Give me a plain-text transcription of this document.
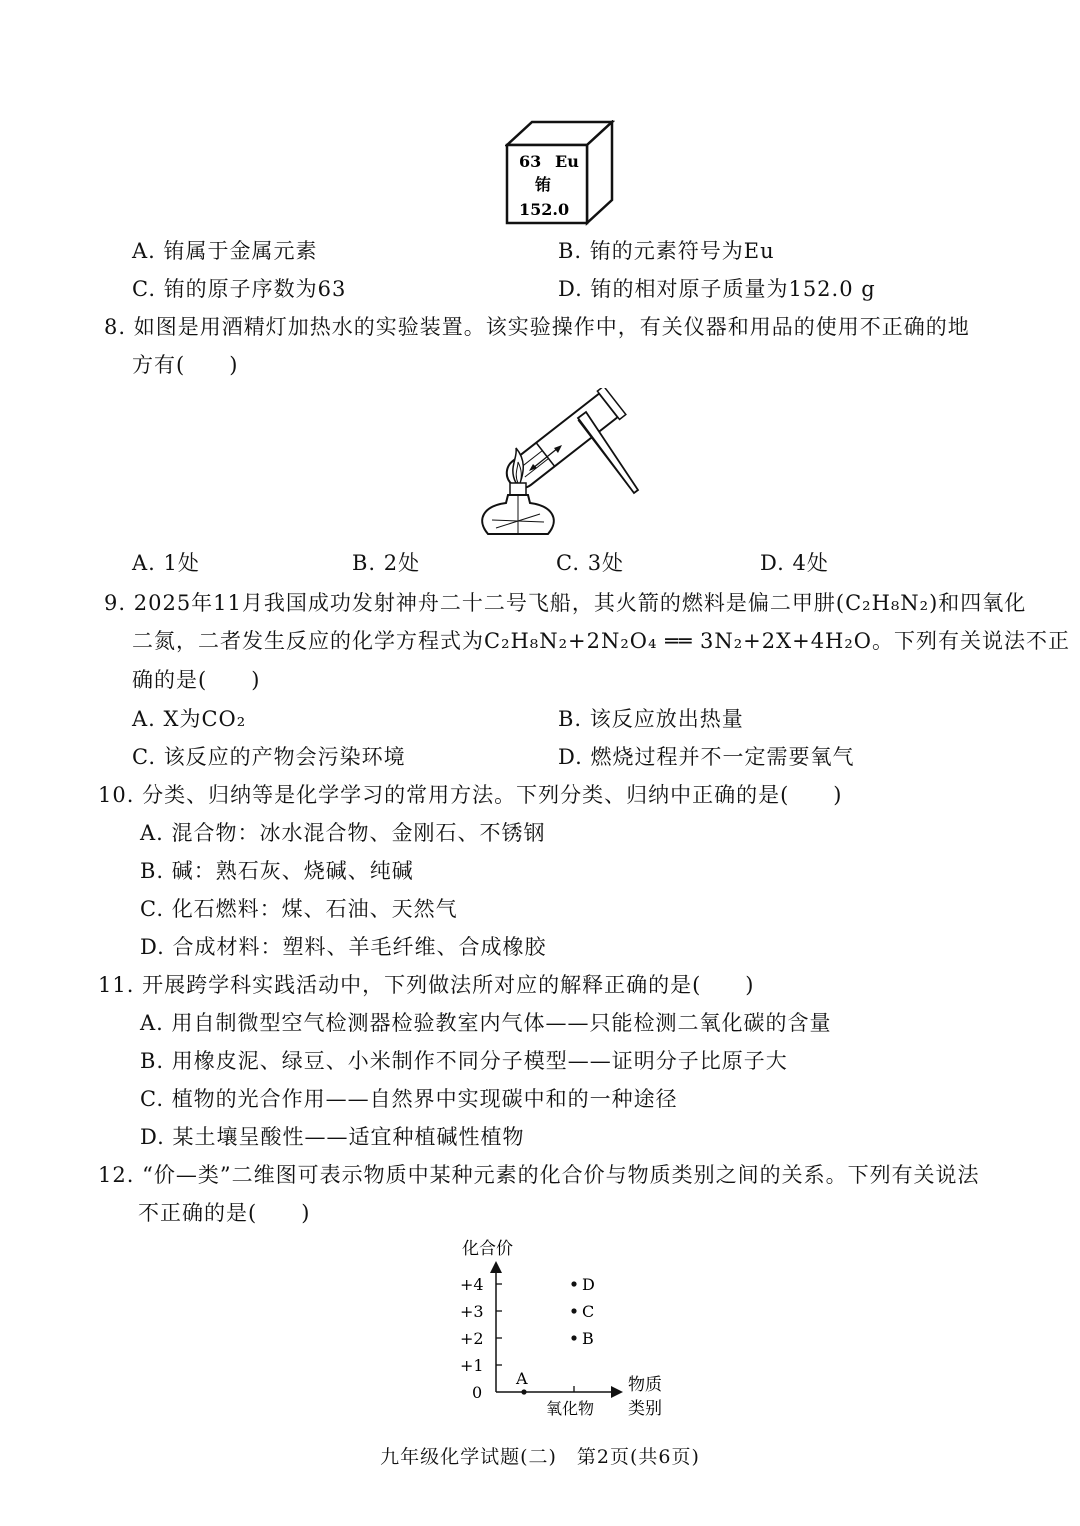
63 Eu
铕
152.0
A. 铕属于金属元素	B. 铕的元素符号为Eu
C. 铕的原子序数为63	D. 铕的相对原子质量为152.0 g
8. 如图是用酒精灯加热水的实验装置。该实验操作中，有关仪器和用品的使用不正确的地
方有(　　)
A. 1处	B. 2处	C. 3处	D. 4处
9. 2025年11月我国成功发射神舟二十二号飞船，其火箭的燃料是偏二甲肼(C₂H₈N₂)和四氧化
二氮，二者发生反应的化学方程式为C₂H₈N₂+2N₂O₄ ══ 3N₂+2X+4H₂O。下列有关说法不正
确的是(　　)
A. X为CO₂	B. 该反应放出热量
C. 该反应的产物会污染环境	D. 燃烧过程并不一定需要氧气
10. 分类、归纳等是化学学习的常用方法。下列分类、归纳中正确的是(　　)
A. 混合物：冰水混合物、金刚石、不锈钢
B. 碱：熟石灰、烧碱、纯碱
C. 化石燃料：煤、石油、天然气
D. 合成材料：塑料、羊毛纤维、合成橡胶
11. 开展跨学科实践活动中，下列做法所对应的解释正确的是(　　)
A. 用自制微型空气检测器检验教室内气体——只能检测二氧化碳的含量
B. 用橡皮泥、绿豆、小米制作不同分子模型——证明分子比原子大
C. 植物的光合作用——自然界中实现碳中和的一种途径
D. 某土壤呈酸性——适宜种植碱性植物
12. “价—类”二维图可表示物质中某种元素的化合价与物质类别之间的关系。下列有关说法
不正确的是(　　)
化合价
物质
类别
0
+1
+2
+3
+4
氧化物
A
B
C
D
九年级化学试题(二)　第2页(共6页)
